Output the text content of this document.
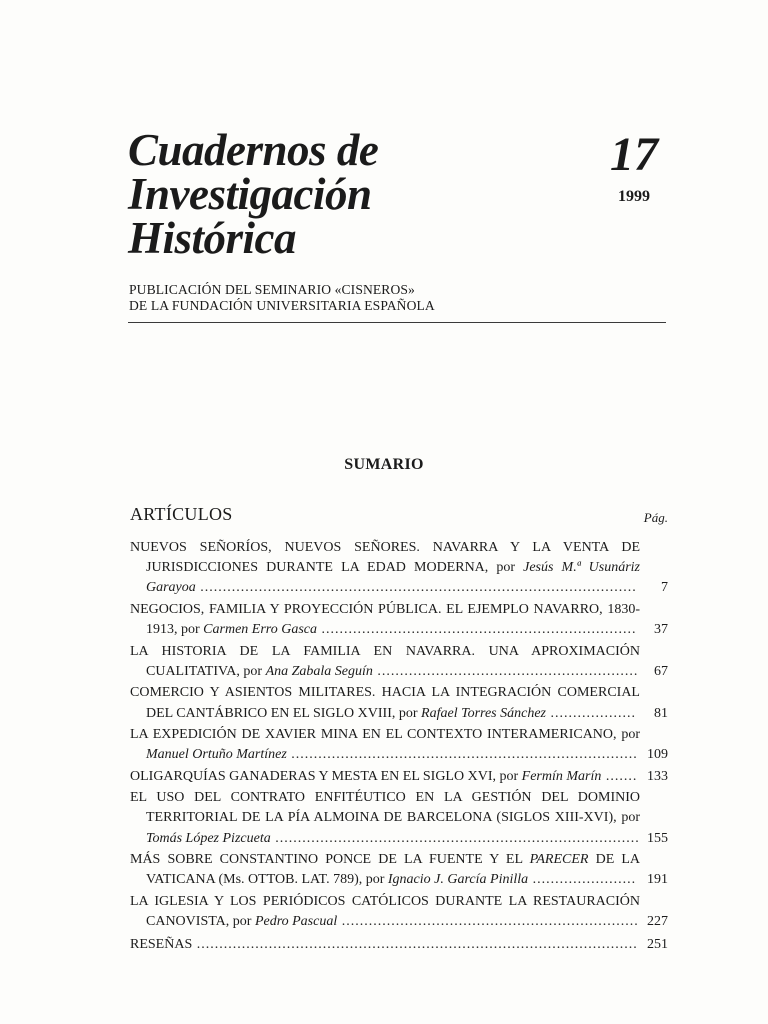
Cuadernos de
Investigación
Histórica
17
1999
PUBLICACIÓN DEL SEMINARIO «CISNEROS»
DE LA FUNDACIÓN UNIVERSITARIA ESPAÑOLA
SUMARIO
ARTÍCULOS	Pág.
NUEVOS SEÑORÍOS, NUEVOS SEÑORES. NAVARRA Y LA VENTA DE JURISDICCIONES DURANTE LA EDAD MODERNA, por Jesús M.ª Usunáriz Garayoa .................................................................................................	7
NEGOCIOS, FAMILIA Y PROYECCIÓN PÚBLICA. EL EJEMPLO NAVARRO, 1830-1913, por Carmen Erro Gasca ......................................................................	37
LA HISTORIA DE LA FAMILIA EN NAVARRA. UNA APROXIMACIÓN CUALITATIVA, por Ana Zabala Seguín ..........................................................	67
COMERCIO Y ASIENTOS MILITARES. HACIA LA INTEGRACIÓN COMERCIAL DEL CANTÁBRICO EN EL SIGLO XVIII, por Rafael Torres Sánchez ...................	81
LA EXPEDICIÓN DE XAVIER MINA EN EL CONTEXTO INTERAMERICANO, por Manuel Ortuño Martínez ............................................................................. 109
OLIGARQUÍAS GANADERAS Y MESTA EN EL SIGLO XVI, por Fermín Marín ....... 133
EL USO DEL CONTRATO ENFITÉUTICO EN LA GESTIÓN DEL DOMINIO TERRITORIAL DE LA PÍA ALMOINA DE BARCELONA (SIGLOS XIII-XVI), por Tomás López Pizcueta ................................................................................. 155
MÁS SOBRE CONSTANTINO PONCE DE LA FUENTE Y EL PARECER DE LA VATICANA (Ms. OTTOB. LAT. 789), por Ignacio J. García Pinilla ....................... 191
LA IGLESIA Y LOS PERIÓDICOS CATÓLICOS DURANTE LA RESTAURACIÓN CANOVISTA, por Pedro Pascual .................................................................. 227
RESEÑAS .................................................................................................. 251
